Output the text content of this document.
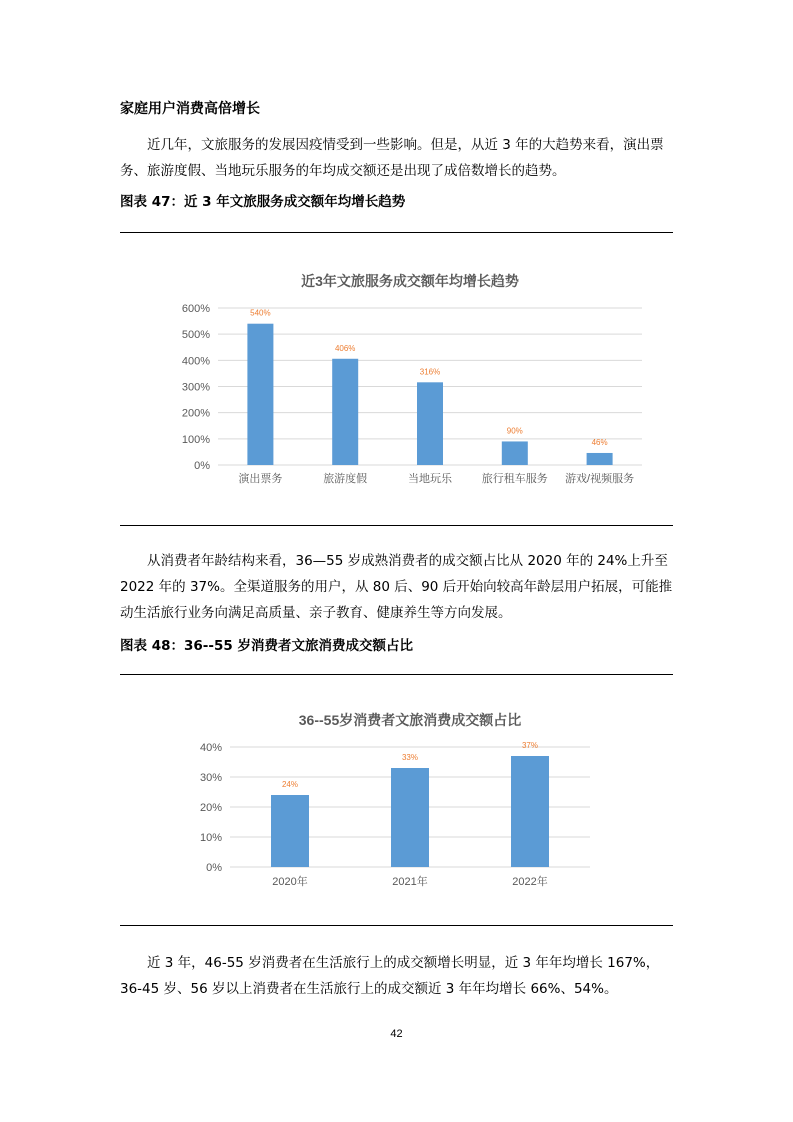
家庭用户消费高倍增长
近几年，文旅服务的发展因疫情受到一些影响。但是，从近 3 年的大趋势来看，演出票务、旅游度假、当地玩乐服务的年均成交额还是出现了成倍数增长的趋势。
图表 47：近 3 年文旅服务成交额年均增长趋势
近3年文旅服务成交额年均增长趋势
0%
100%
200%
300%
400%
500%
600%	540%
演出票务
406%
旅游度假
316%
当地玩乐
90%
旅行租车服务
46%
游戏/视频服务
从消费者年龄结构来看，36—55 岁成熟消费者的成交额占比从 2020 年的 24%上升至 2022 年的 37%。全渠道服务的用户，从 80 后、90 后开始向较高年龄层用户拓展，可能推动生活旅行业务向满足高质量、亲子教育、健康养生等方向发展。
图表 48：36--55 岁消费者文旅消费成交额占比
36--55岁消费者文旅消费成交额占比
0%
10%
20%
30%
40%
24%
2020年
33%
2021年
37%
2022年
近 3 年，46-55 岁消费者在生活旅行上的成交额增长明显，近 3 年年均增长 167%，36-45 岁、56 岁以上消费者在生活旅行上的成交额近 3 年年均增长 66%、54%。
42
